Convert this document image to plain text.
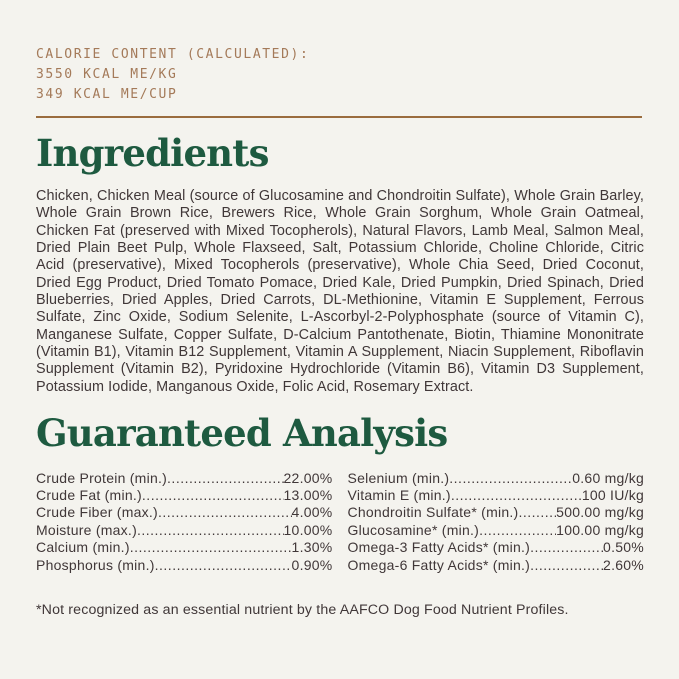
CALORIE CONTENT (CALCULATED):
3550 KCAL ME/KG
349 KCAL ME/CUP
Ingredients

Chicken, Chicken Meal (source of Glucosamine and Chondroitin Sulfate), Whole Grain Barley, Whole Grain Brown Rice, Brewers Rice, Whole Grain Sorghum, Whole Grain Oatmeal, Chicken Fat (preserved with Mixed Tocopherols), Natural Flavors, Lamb Meal, Salmon Meal, Dried Plain Beet Pulp, Whole Flaxseed, Salt, Potassium Chloride, Choline Chloride, Citric Acid (preservative), Mixed Tocopherols (preservative), Whole Chia Seed, Dried Coconut, Dried Egg Product, Dried Tomato Pomace, Dried Kale, Dried Pumpkin, Dried Spinach, Dried Blueberries, Dried Apples, Dried Carrots, DL-Methionine, Vitamin E Supplement, Ferrous Sulfate, Zinc Oxide, Sodium Selenite, L-Ascorbyl-2-Polyphosphate (source of Vitamin C), Manganese Sulfate, Copper Sulfate, D-Calcium Pantothenate, Biotin, Thiamine Mononitrate (Vitamin B1), Vitamin B12 Supplement, Vitamin A Supplement, Niacin Supplement, Riboflavin Supplement (Vitamin B2), Pyridoxine Hydrochloride (Vitamin B6), Vitamin D3 Supplement, Potassium Iodide, Manganous Oxide, Folic Acid, Rosemary Extract.

Guaranteed Analysis
Crude Protein (min.) .....	22.00%
Crude Fat (min.) .....	13.00%
Crude Fiber (max.) .....	4.00%
Moisture (max.) .....	10.00%
Calcium (min.) .....	1.30%
Phosphorus (min.) .....	0.90%
Selenium (min.) .....	0.60 mg/kg
Vitamin E (min.) .....	100 IU/kg
Chondroitin Sulfate* (min.) .....	500.00 mg/kg
Glucosamine* (min.) .....	100.00 mg/kg
Omega-3 Fatty Acids* (min.) .....	0.50%
Omega-6 Fatty Acids* (min.) .....	2.60%
*Not recognized as an essential nutrient by the AAFCO Dog Food Nutrient Profiles.
